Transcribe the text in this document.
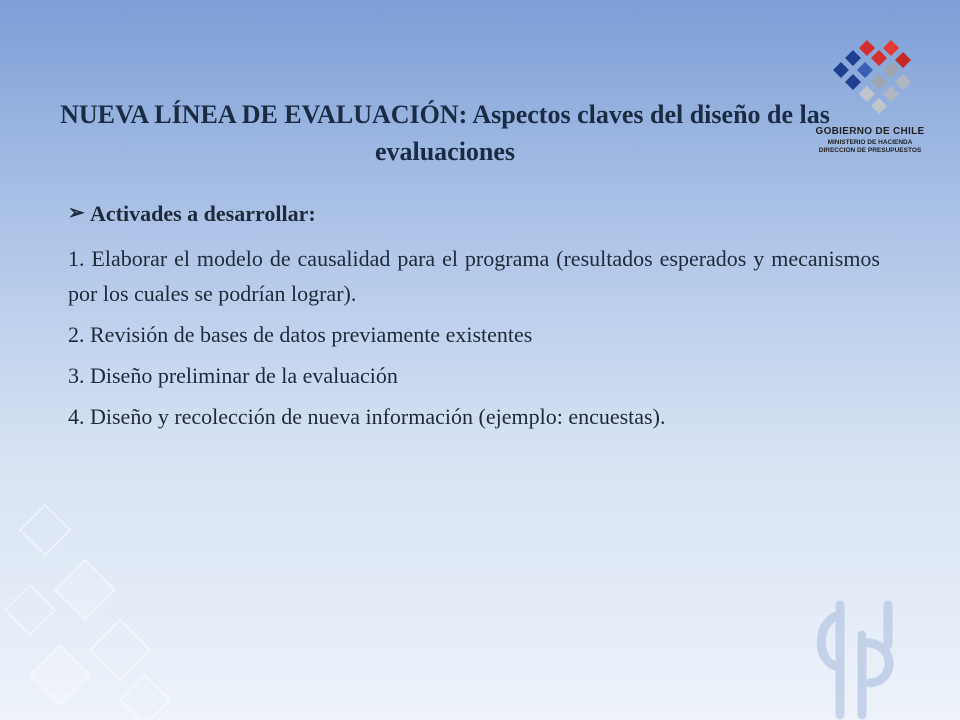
GOBIERNO DE CHILE
MINISTERIO DE HACIENDA
DIRECCION DE PRESUPUESTOS
NUEVA LÍNEA DE EVALUACIÓN: Aspectos claves del diseño de las evaluaciones
➢ Activades a desarrollar:

1. Elaborar el modelo de causalidad para el programa (resultados esperados y mecanismos por los cuales se podrían lograr).

2. Revisión de bases de datos previamente existentes

3. Diseño preliminar de la evaluación

4. Diseño y recolección de nueva información (ejemplo: encuestas).
